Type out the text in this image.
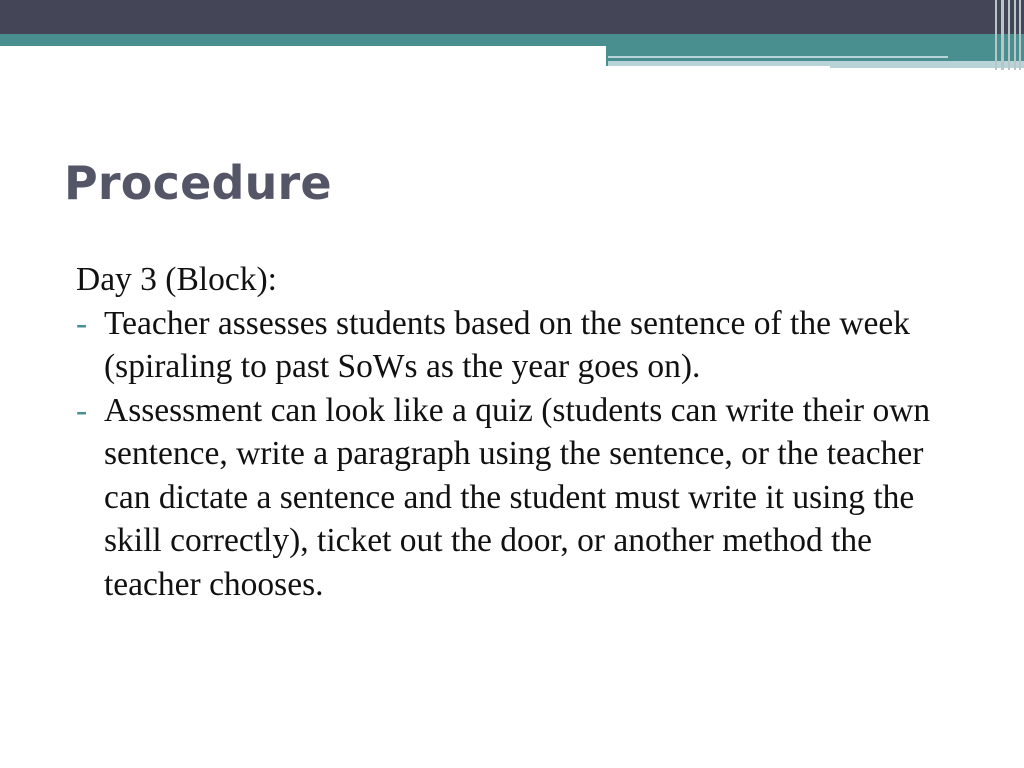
Procedure

Day 3 (Block):

- Teacher assesses students based on the sentence of the week (spiraling to past SoWs as the year goes on).
- Assessment can look like a quiz (students can write their own sentence, write a paragraph using the sentence, or the teacher can dictate a sentence and the student must write it using the skill correctly), ticket out the door, or another method the teacher chooses.
